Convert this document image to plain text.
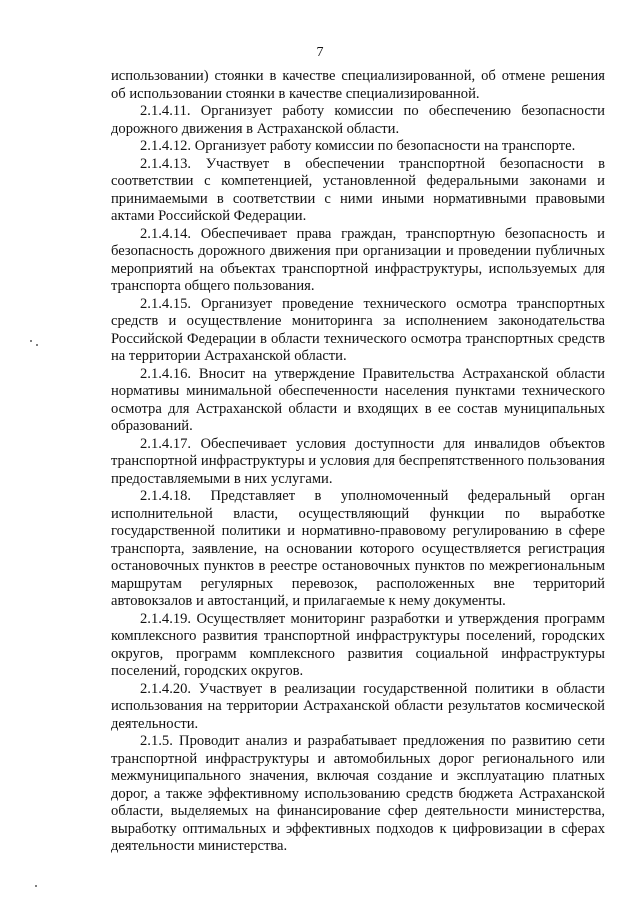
7

использовании) стоянки в качестве специализированной, об отмене решения об использовании стоянки в качестве специализированной.

2.1.4.11. Организует работу комиссии по обеспечению безопасности дорожного движения в Астраханской области.

2.1.4.12. Организует работу комиссии по безопасности на транспорте.

2.1.4.13. Участвует в обеспечении транспортной безопасности в соответствии с компетенцией, установленной федеральными законами и принимаемыми в соответствии с ними иными нормативными правовыми актами Российской Федерации.

2.1.4.14. Обеспечивает права граждан, транспортную безопасность и безопасность дорожного движения при организации и проведении публичных мероприятий на объектах транспортной инфраструктуры, используемых для транспорта общего пользования.

2.1.4.15. Организует проведение технического осмотра транспортных средств и осуществление мониторинга за исполнением законодательства Российской Федерации в области технического осмотра транспортных средств на территории Астраханской области.

2.1.4.16. Вносит на утверждение Правительства Астраханской области нормативы минимальной обеспеченности населения пунктами технического осмотра для Астраханской области и входящих в ее состав муниципальных образований.

2.1.4.17. Обеспечивает условия доступности для инвалидов объектов транспортной инфраструктуры и условия для беспрепятственного пользования предоставляемыми в них услугами.

2.1.4.18. Представляет в уполномоченный федеральный орган исполнительной власти, осуществляющий функции по выработке государственной политики и нормативно-правовому регулированию в сфере транспорта, заявление, на основании которого осуществляется регистрация остановочных пунктов в реестре остановочных пунктов по межрегиональным маршрутам регулярных перевозок, расположенных вне территорий автовокзалов и автостанций, и прилагаемые к нему документы.

2.1.4.19. Осуществляет мониторинг разработки и утверждения программ комплексного развития транспортной инфраструктуры поселений, городских округов, программ комплексного развития социальной инфраструктуры поселений, городских округов.

2.1.4.20. Участвует в реализации государственной политики в области использования на территории Астраханской области результатов космической деятельности.

2.1.5. Проводит анализ и разрабатывает предложения по развитию сети транспортной инфраструктуры и автомобильных дорог регионального или межмуниципального значения, включая создание и эксплуатацию платных дорог, а также эффективному использованию средств бюджета Астраханской области, выделяемых на финансирование сфер деятельности министерства, выработку оптимальных и эффективных подходов к цифровизации в сферах деятельности министерства.
